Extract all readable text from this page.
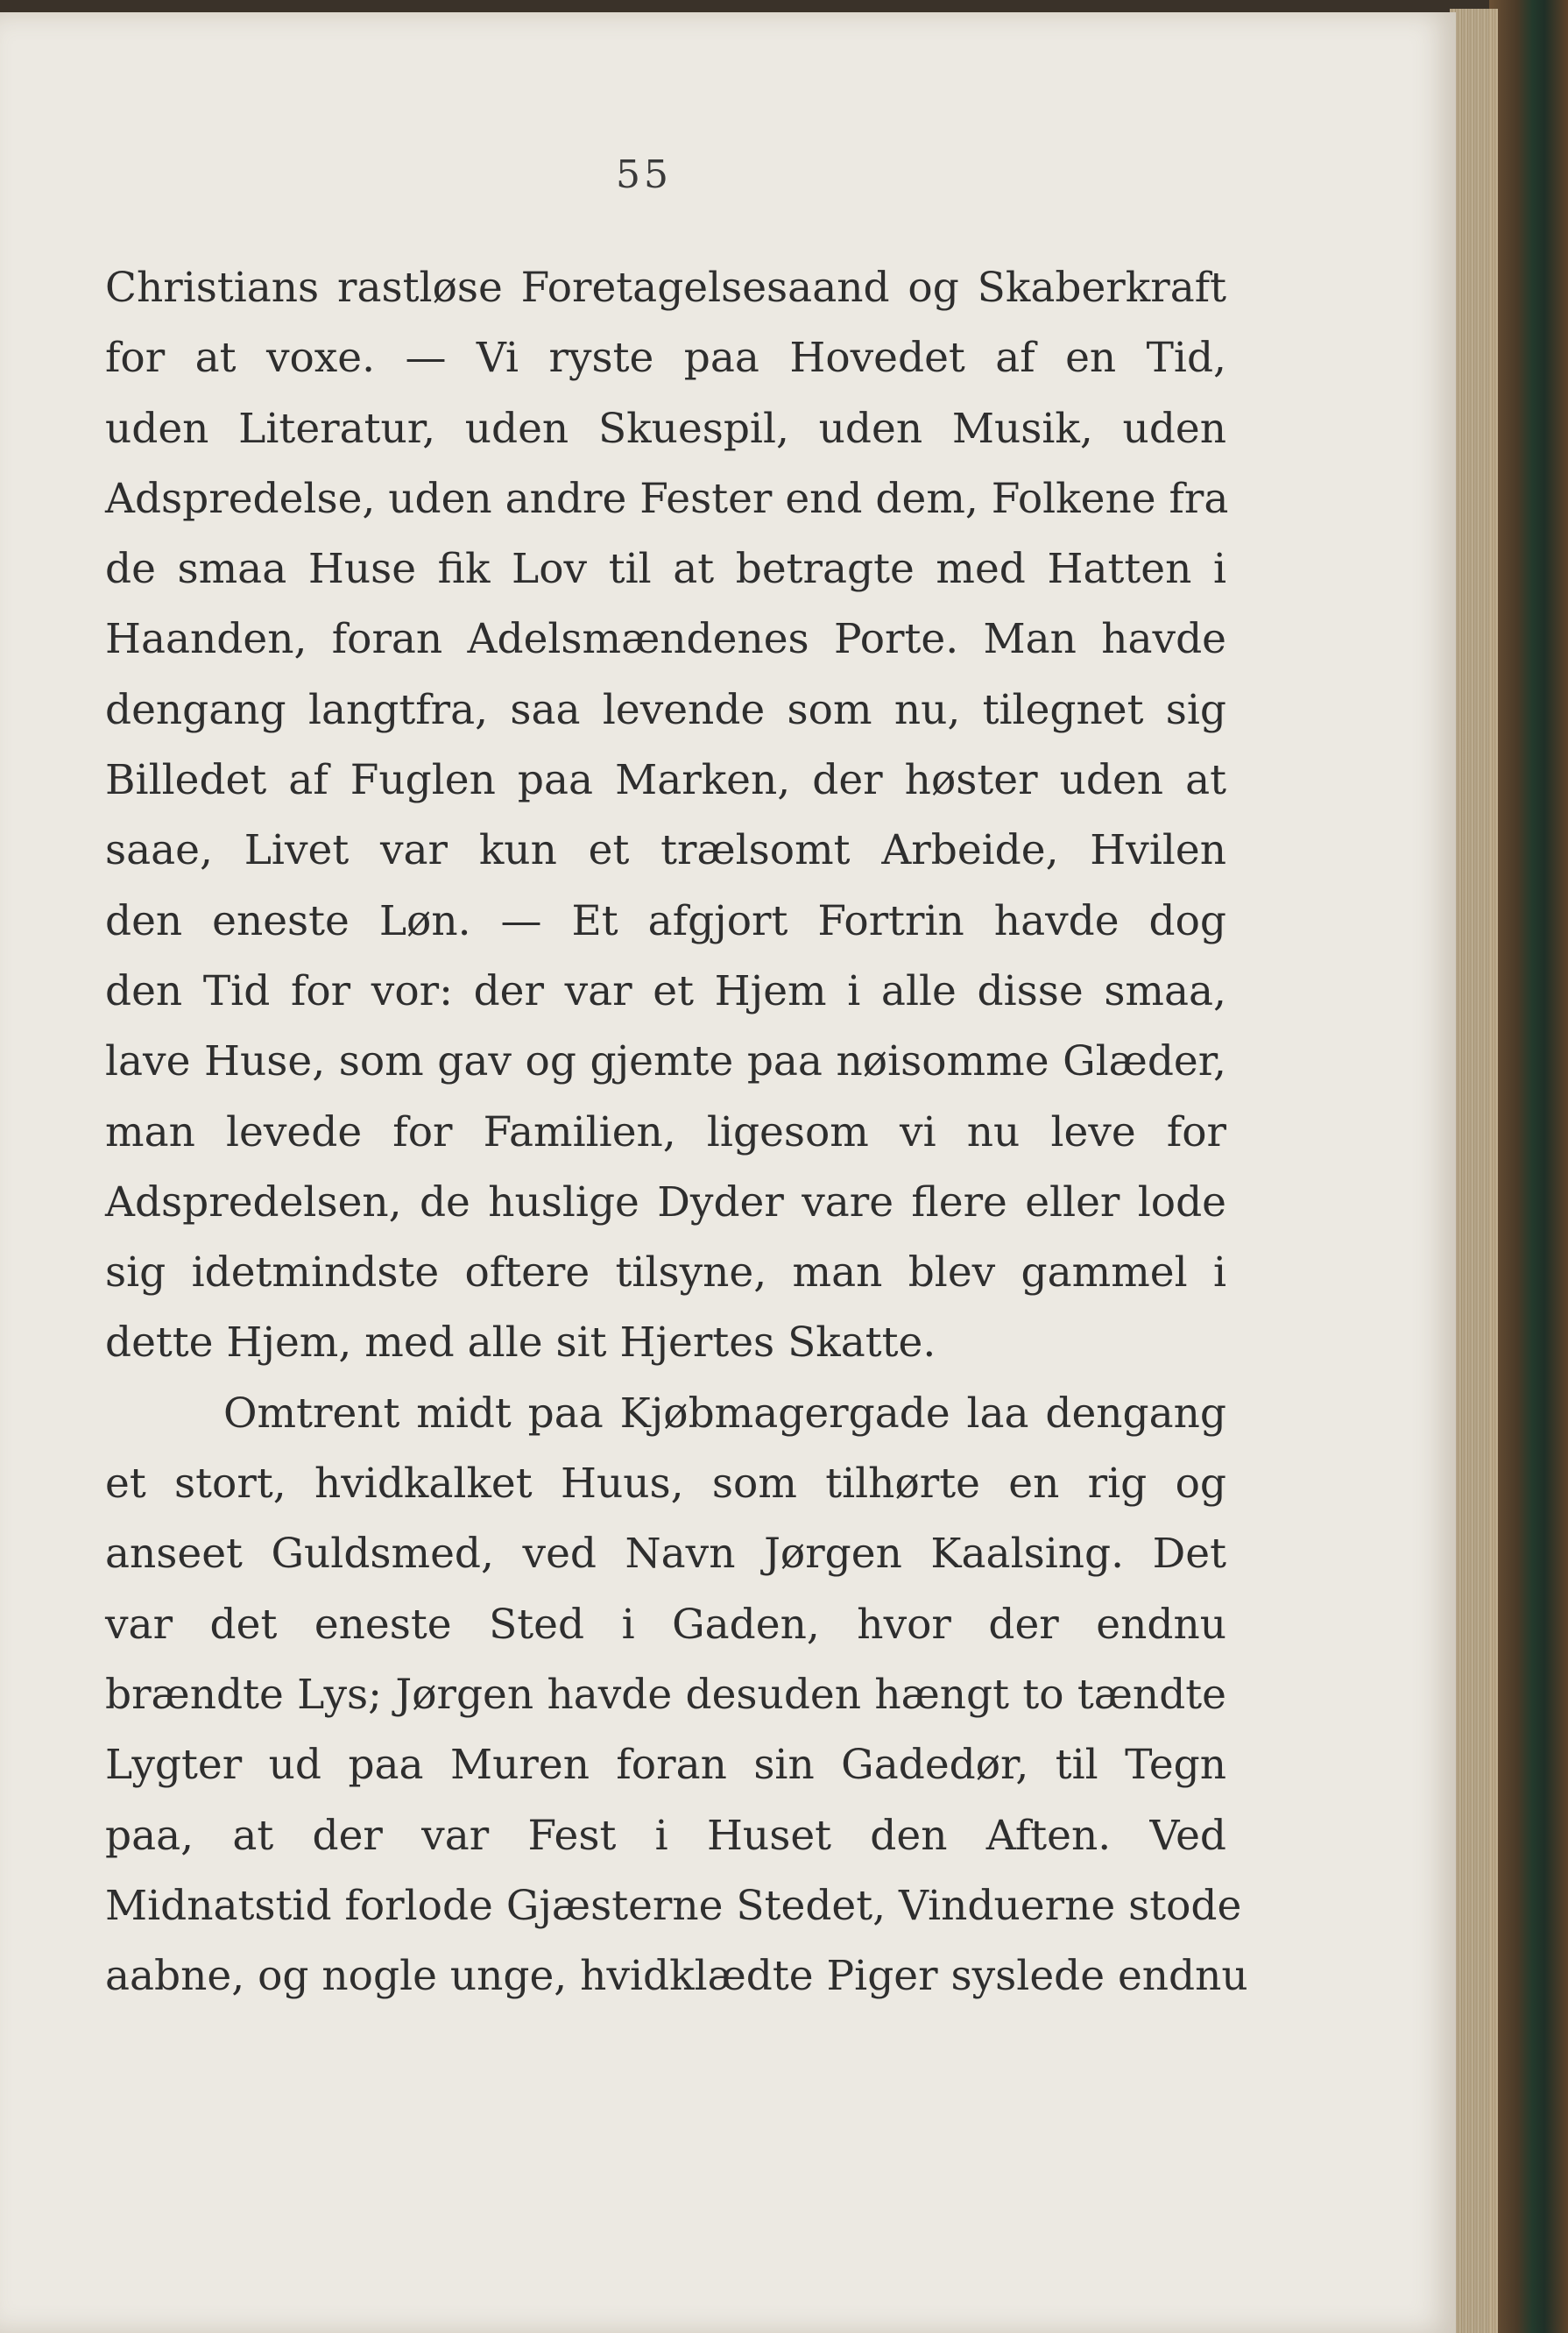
55
Christians rastløse Foretagelsesaand og Skaberkraft
for at voxe. — Vi ryste paa Hovedet af en Tid,
uden Literatur, uden Skuespil, uden Musik, uden
Adspredelse, uden andre Fester end dem, Folkene fra
de smaa Huse fik Lov til at betragte med Hatten i
Haanden, foran Adelsmændenes Porte. Man havde
dengang langtfra, saa levende som nu, tilegnet sig
Billedet af Fuglen paa Marken, der høster uden at
saae, Livet var kun et trælsomt Arbeide, Hvilen
den eneste Løn. — Et afgjort Fortrin havde dog
den Tid for vor: der var et Hjem i alle disse smaa,
lave Huse, som gav og gjemte paa nøisomme Glæder,
man levede for Familien, ligesom vi nu leve for
Adspredelsen, de huslige Dyder vare flere eller lode
sig idetmindste oftere tilsyne, man blev gammel i
dette Hjem, med alle sit Hjertes Skatte.
Omtrent midt paa Kjøbmagergade laa dengang
et stort, hvidkalket Huus, som tilhørte en rig og
anseet Guldsmed, ved Navn Jørgen Kaalsing. Det
var det eneste Sted i Gaden, hvor der endnu
brændte Lys; Jørgen havde desuden hængt to tændte
Lygter ud paa Muren foran sin Gadedør, til Tegn
paa, at der var Fest i Huset den Aften. Ved
Midnatstid forlode Gjæsterne Stedet, Vinduerne stode
aabne, og nogle unge, hvidklædte Piger syslede endnu
